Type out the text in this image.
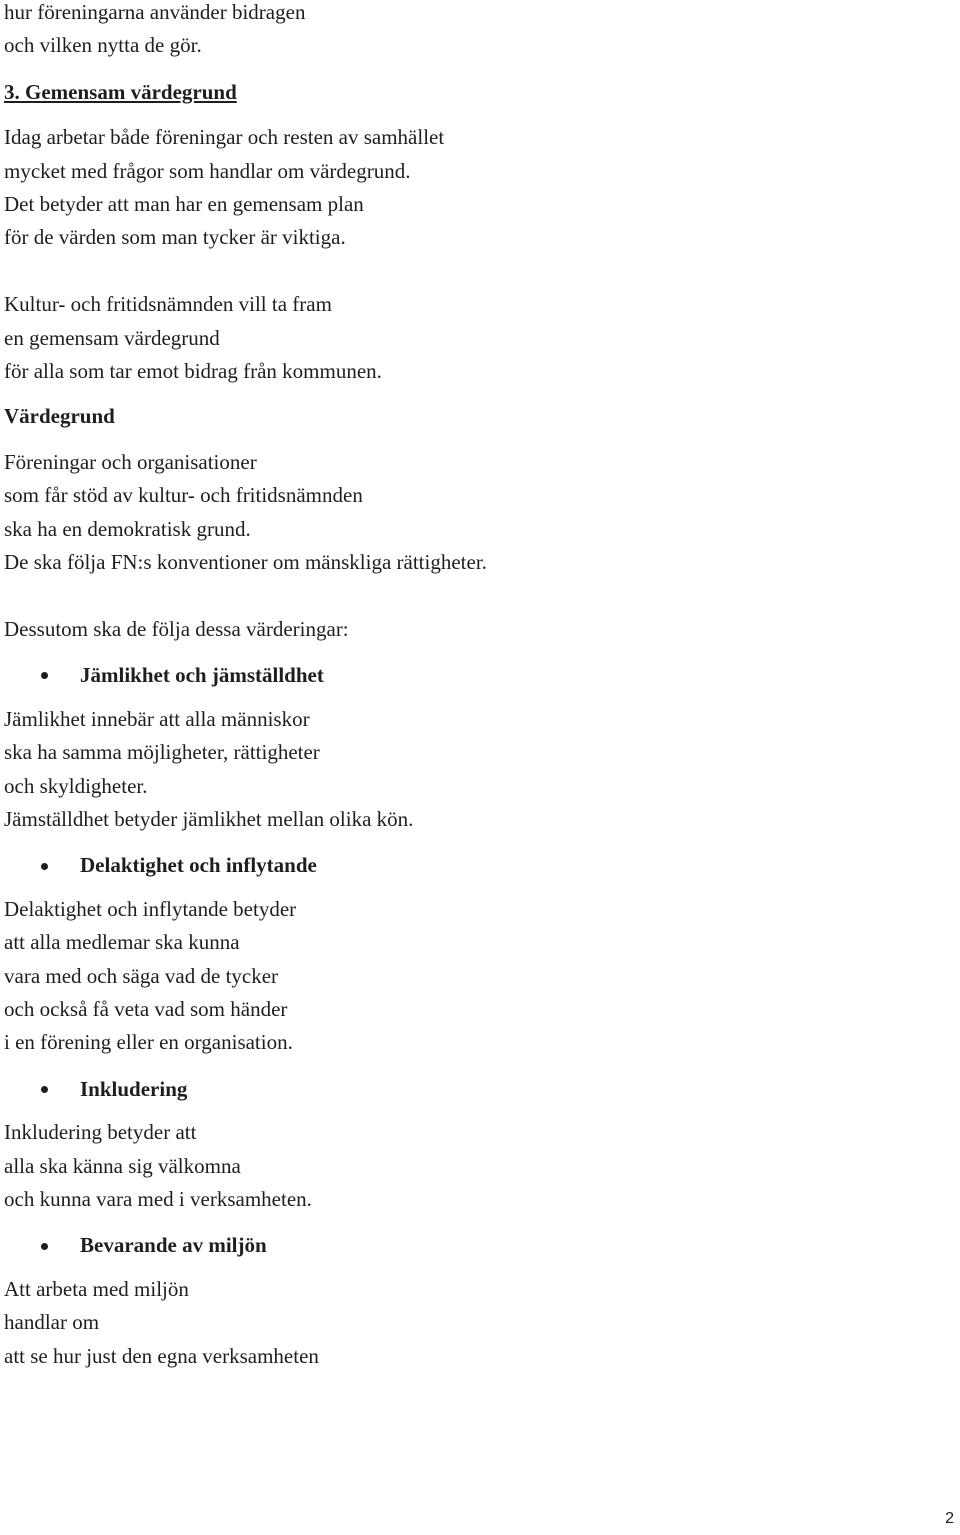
hur föreningarna använder bidragen
och vilken nytta de gör.

3. Gemensam värdegrund

Idag arbetar både föreningar och resten av samhället
mycket med frågor som handlar om värdegrund.
Det betyder att man har en gemensam plan
för de värden som man tycker är viktiga.

Kultur- och fritidsnämnden vill ta fram
en gemensam värdegrund
för alla som tar emot bidrag från kommunen.

Värdegrund

Föreningar och organisationer
som får stöd av kultur- och fritidsnämnden
ska ha en demokratisk grund.
De ska följa FN:s konventioner om mänskliga rättigheter.

Dessutom ska de följa dessa värderingar:

Jämlikhet och jämställdhet

Jämlikhet innebär att alla människor
ska ha samma möjligheter, rättigheter
och skyldigheter.
Jämställdhet betyder jämlikhet mellan olika kön.

Delaktighet och inflytande

Delaktighet och inflytande betyder
att alla medlemar ska kunna
vara med och säga vad de tycker
och också få veta vad som händer
i en förening eller en organisation.

Inkludering

Inkludering betyder att
alla ska känna sig välkomna
och kunna vara med i verksamheten.

Bevarande av miljön

Att arbeta med miljön
handlar om
att se hur just den egna verksamheten

2
